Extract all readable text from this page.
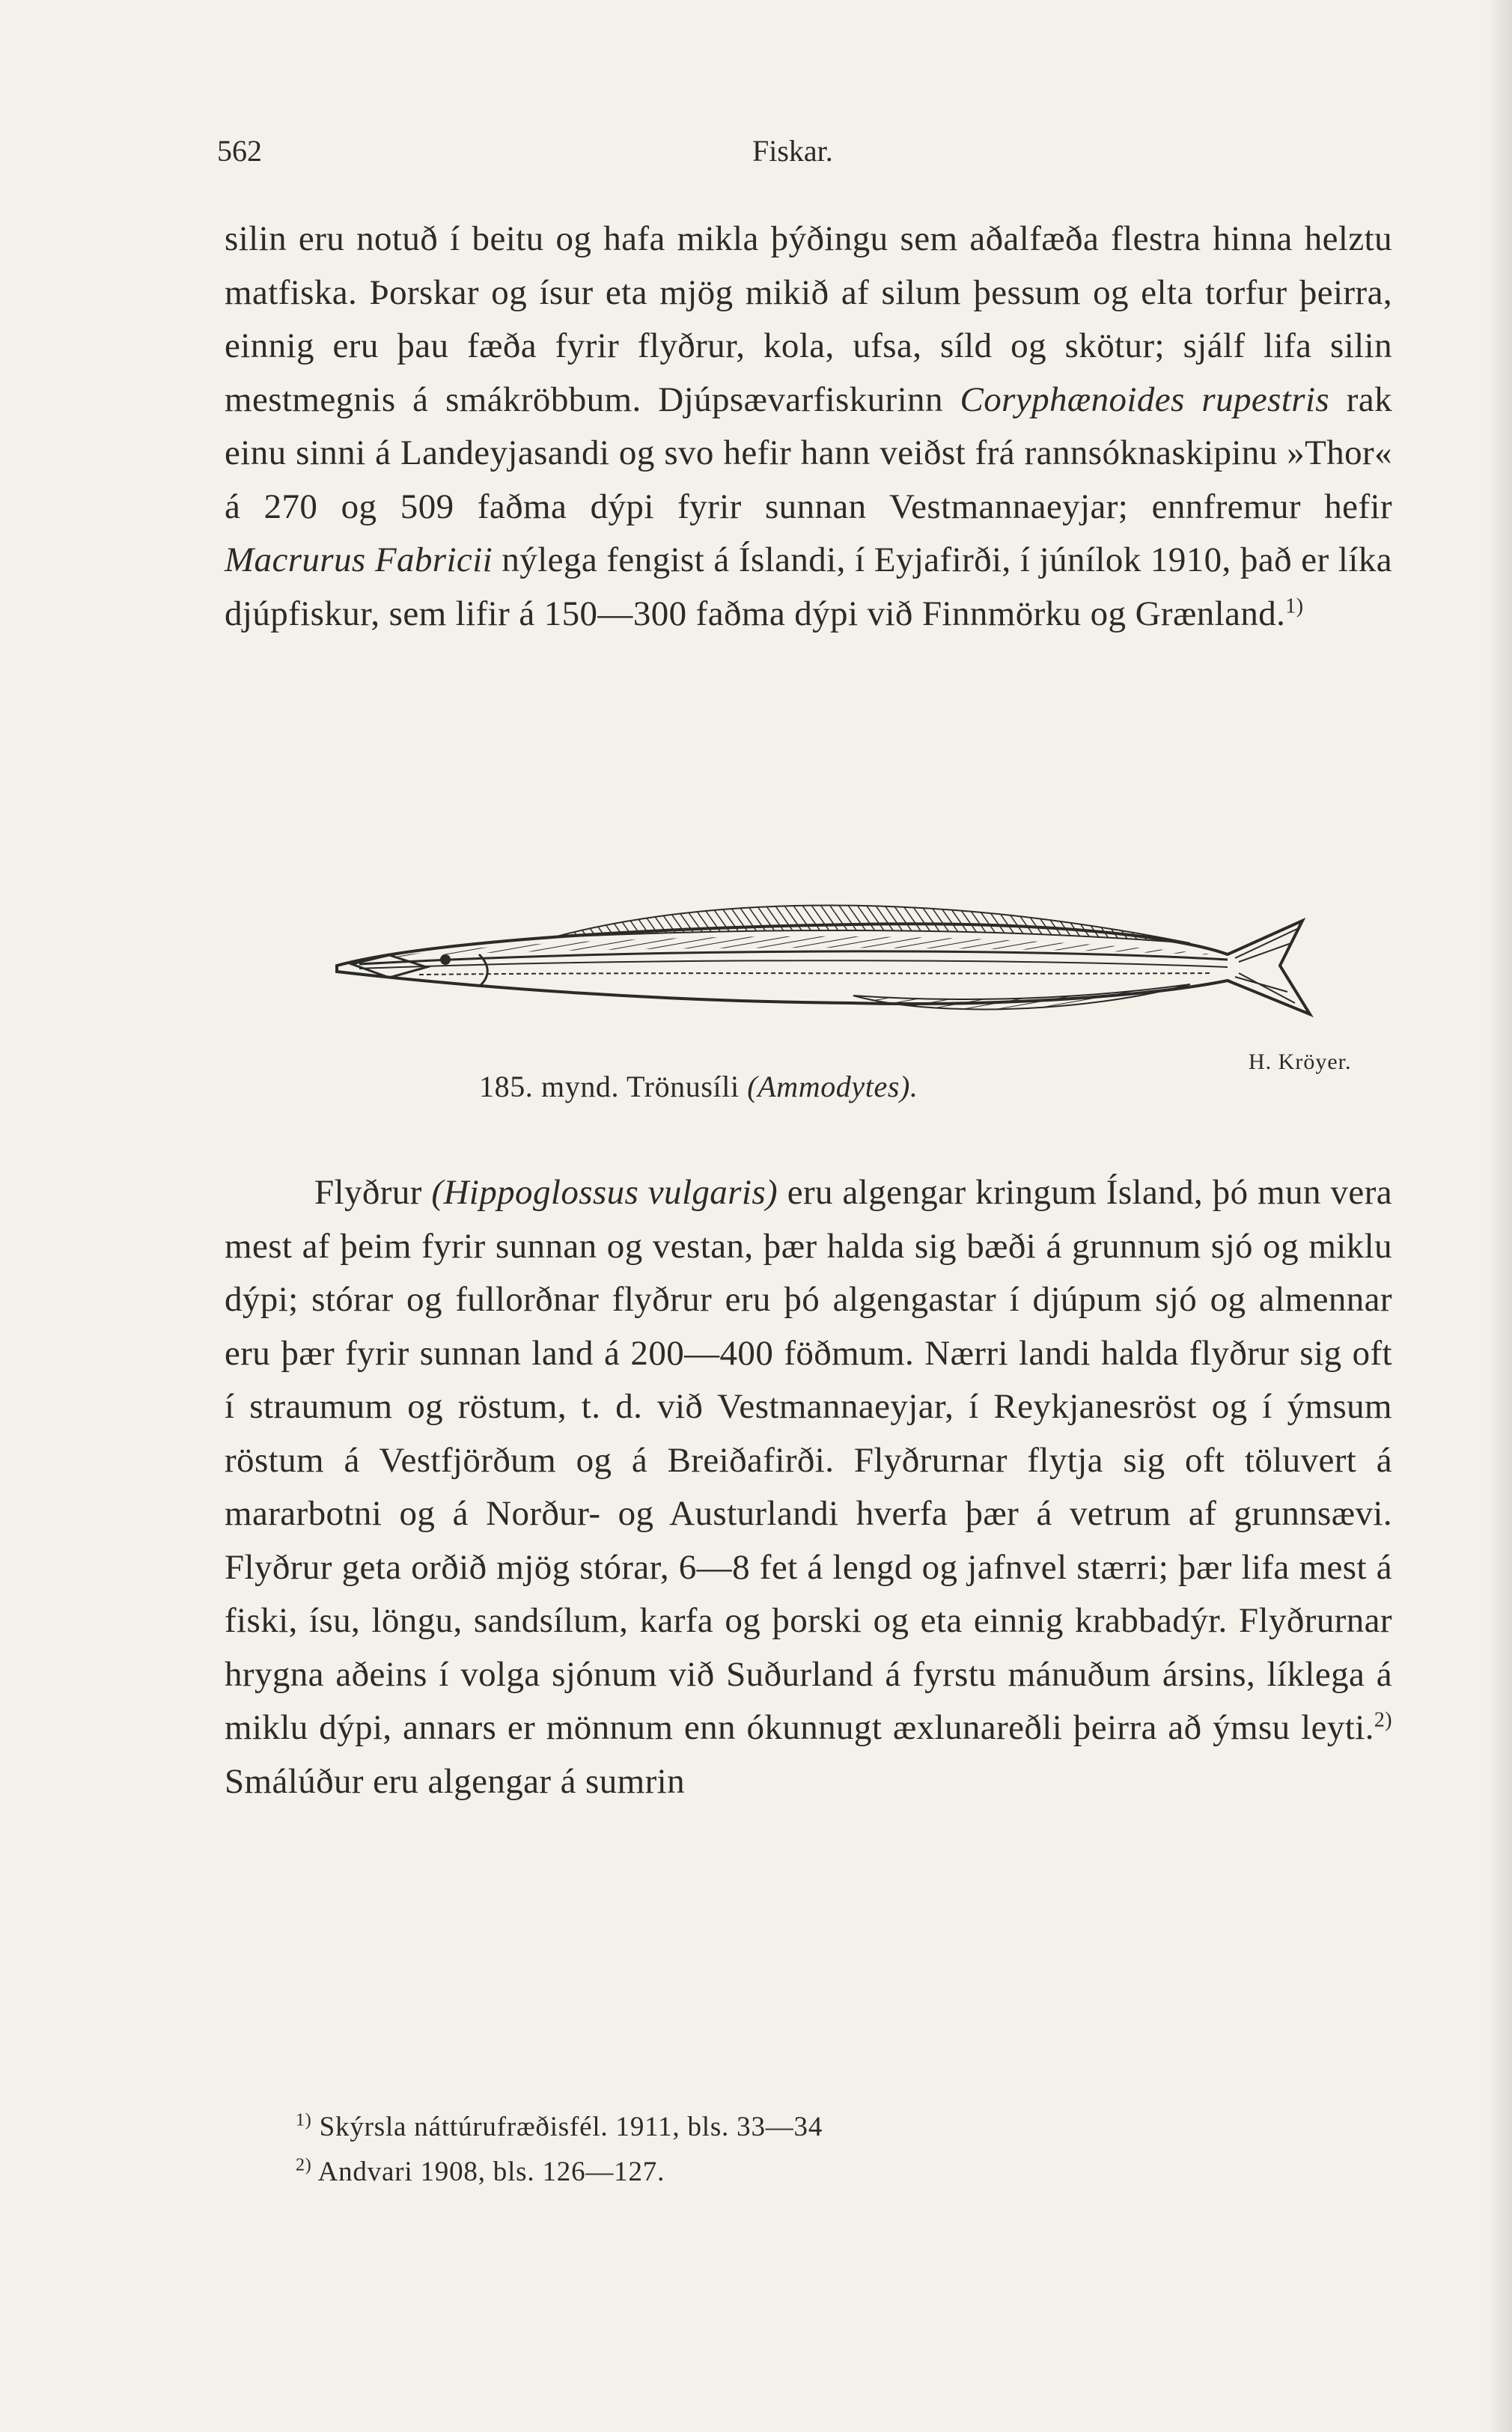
562	Fiskar.

silin eru notuð í beitu og hafa mikla þýðingu sem aðalfæða flestra hinna helztu matfiska. Þorskar og ísur eta mjög mikið af silum þessum og elta torfur þeirra, einnig eru þau fæða fyrir flyðrur, kola, ufsa, síld og skötur; sjálf lifa silin mestmegnis á smákröbbum. Djúpsævarfiskurinn Coryphænoides rupestris rak einu sinni á Landeyjasandi og svo hefir hann veiðst frá rannsóknaskipinu »Thor« á 270 og 509 faðma dýpi fyrir sunnan Vestmannaeyjar; ennfremur hefir Macrurus Fabricii nýlega fengist á Íslandi, í Eyjafirði, í júnílok 1910, það er líka djúpfiskur, sem lifir á 150—300 faðma dýpi við Finnmörku og Grænland.$^{1)}$

185. mynd. Trönusíli (Ammodytes).
H. Kröyer.

Flyðrur (Hippoglossus vulgaris) eru algengar kringum Ísland, þó mun vera mest af þeim fyrir sunnan og vestan, þær halda sig bæði á grunnum sjó og miklu dýpi; stórar og fullorðnar flyðrur eru þó algengastar í djúpum sjó og almennar eru þær fyrir sunnan land á 200—400 föðmum. Nærri landi halda flyðrur sig oft í straumum og röstum, t. d. við Vestmannaeyjar, í Reykjanesröst og í ýmsum röstum á Vestfjörðum og á Breiðafirði. Flyðrurnar flytja sig oft töluvert á mararbotni og á Norður- og Austurlandi hverfa þær á vetrum af grunnsævi. Flyðrur geta orðið mjög stórar, 6—8 fet á lengd og jafnvel stærri; þær lifa mest á fiski, ísu, löngu, sandsílum, karfa og þorski og eta einnig krabbadýr. Flyðrurnar hrygna aðeins í volga sjónum við Suðurland á fyrstu mánuðum ársins, líklega á miklu dýpi, annars er mönnum enn ókunnugt æxlunareðli þeirra að ýmsu leyti.$^{2)}$ Smálúður eru algengar á sumrin

$^{1)}$ Skýrsla náttúrufræðisfél. 1911, bls. 33—34
$^{2)}$ Andvari 1908, bls. 126—127.
